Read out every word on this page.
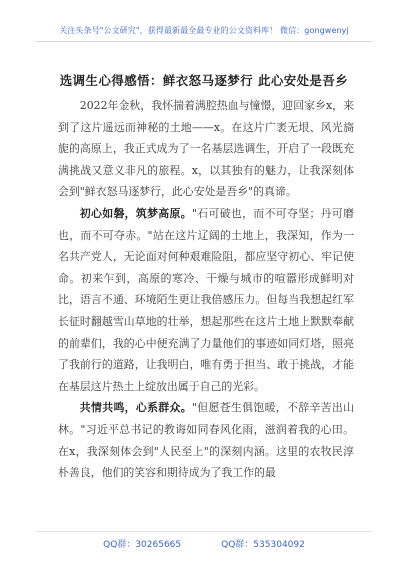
关注头条号"公文研究"，获得最新最全最专业的公文资料库！ 微信：gongwenyj
选调生心得感悟：鲜衣怒马逐梦行 此心安处是吾乡

2022年金秋，我怀揣着满腔热血与憧憬，迎回家乡x，来到了这片遥远而神秘的土地——x。在这片广袤无垠、风光旖旎的高原上，我正式成为了一名基层选调生，开启了一段既充满挑战又意义非凡的旅程。x，以其独有的魅力，让我深刻体会到"鲜衣怒马逐梦行，此心安处是吾乡"的真谛。

初心如磐，筑梦高原。"石可破也，而不可夺坚；丹可磨也，而不可夺赤。"站在这片辽阔的土地上，我深知，作为一名共产党人，无论面对何种艰难险阻，都应坚守初心、牢记使命。初来乍到，高原的寒冷、干燥与城市的喧嚣形成鲜明对比，语言不通、环境陌生更让我倍感压力。但每当我想起红军长征时翻越雪山草地的壮举，想起那些在这片土地上默默奉献的前辈们，我的心中便充满了力量他们的事迹如同灯塔，照亮了我前行的道路，让我明白，唯有勇于担当、敢于挑战，才能在基层这片热土上绽放出属于自己的光彩。

共情共鸣，心系群众。"但愿苍生俱饱暖，不辞辛苦出山林。"习近平总书记的教诲如同春风化雨，滋润着我的心田。在x，我深刻体会到"人民至上"的深刻内涵。这里的农牧民淳朴善良，他们的笑容和期待成为了我工作的最

QQ群：30265665	QQ群：535304092
